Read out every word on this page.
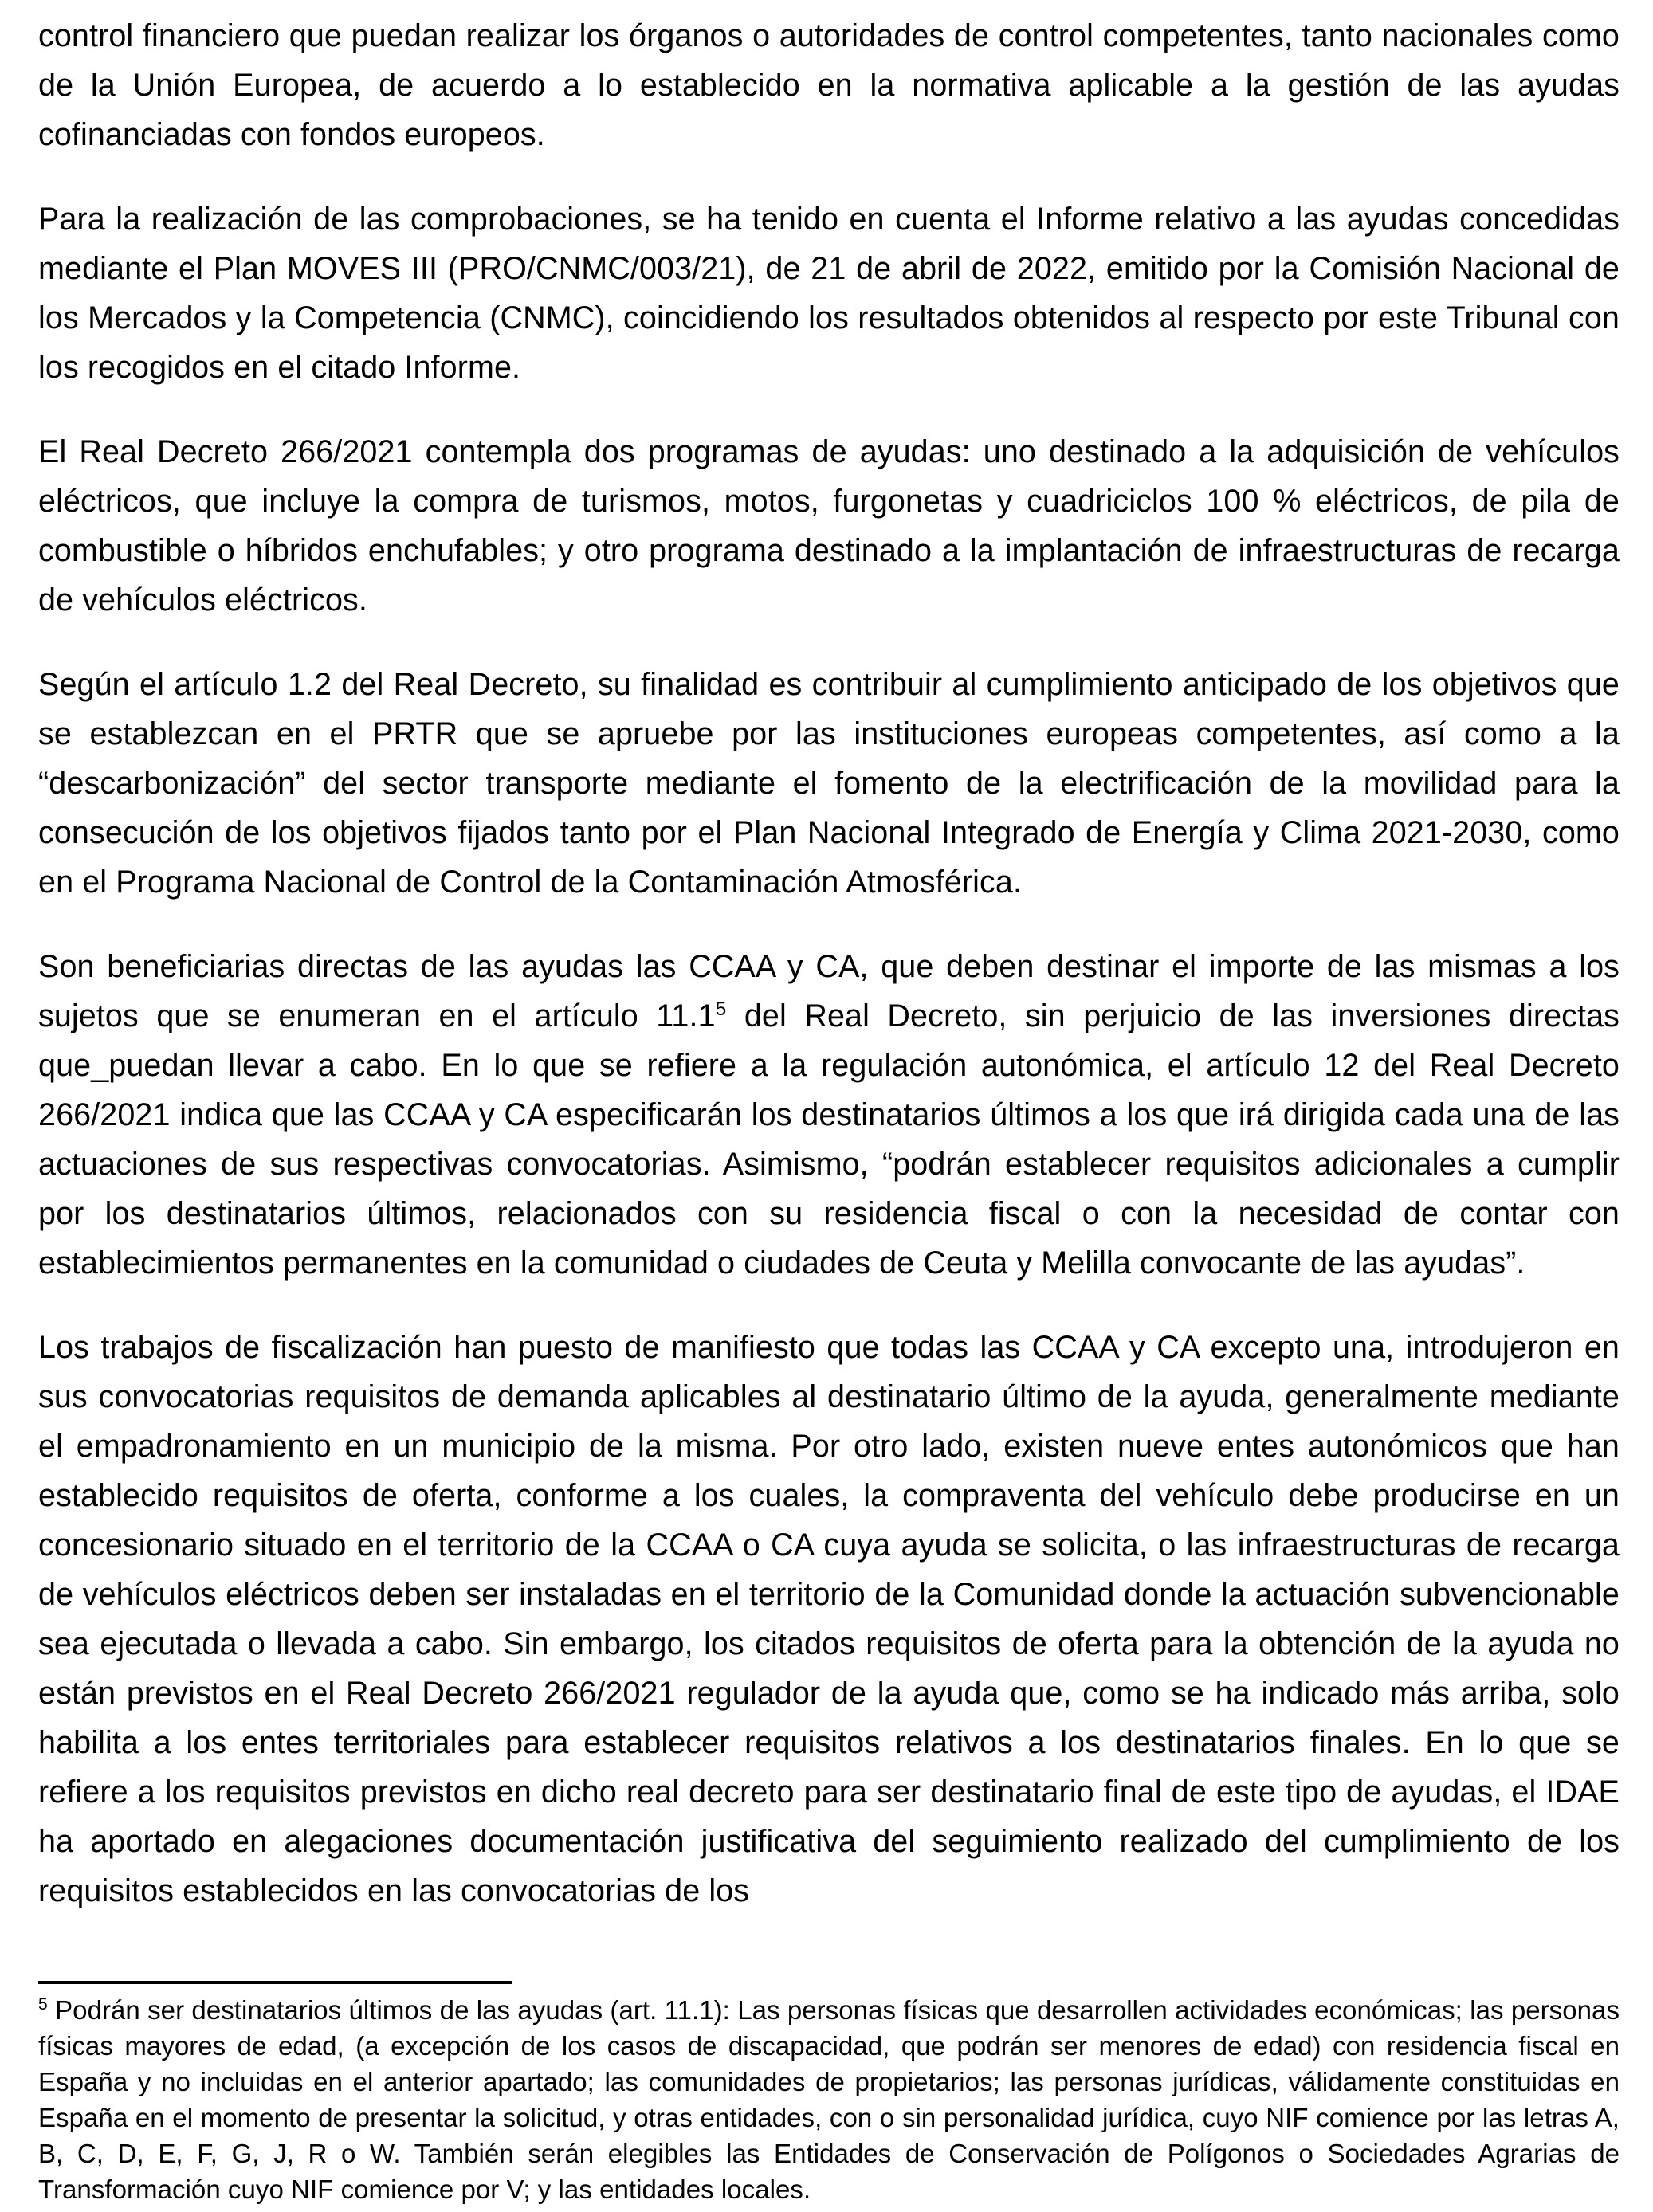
control financiero que puedan realizar los órganos o autoridades de control competentes, tanto nacionales como de la Unión Europea, de acuerdo a lo establecido en la normativa aplicable a la gestión de las ayudas cofinanciadas con fondos europeos.

Para la realización de las comprobaciones, se ha tenido en cuenta el Informe relativo a las ayudas concedidas mediante el Plan MOVES III (PRO/CNMC/003/21), de 21 de abril de 2022, emitido por la Comisión Nacional de los Mercados y la Competencia (CNMC), coincidiendo los resultados obtenidos al respecto por este Tribunal con los recogidos en el citado Informe.

El Real Decreto 266/2021 contempla dos programas de ayudas: uno destinado a la adquisición de vehículos eléctricos, que incluye la compra de turismos, motos, furgonetas y cuadriciclos 100 % eléctricos, de pila de combustible o híbridos enchufables; y otro programa destinado a la implantación de infraestructuras de recarga de vehículos eléctricos.

Según el artículo 1.2 del Real Decreto, su finalidad es contribuir al cumplimiento anticipado de los objetivos que se establezcan en el PRTR que se apruebe por las instituciones europeas competentes, así como a la “descarbonización” del sector transporte mediante el fomento de la electrificación de la movilidad para la consecución de los objetivos fijados tanto por el Plan Nacional Integrado de Energía y Clima 2021-2030, como en el Programa Nacional de Control de la Contaminación Atmosférica.

Son beneficiarias directas de las ayudas las CCAA y CA, que deben destinar el importe de las mismas a los sujetos que se enumeran en el artículo 11.1$^5$ del Real Decreto, sin perjuicio de las inversiones directas que_puedan llevar a cabo. En lo que se refiere a la regulación autonómica, el artículo 12 del Real Decreto 266/2021 indica que las CCAA y CA especificarán los destinatarios últimos a los que irá dirigida cada una de las actuaciones de sus respectivas convocatorias. Asimismo, “podrán establecer requisitos adicionales a cumplir por los destinatarios últimos, relacionados con su residencia fiscal o con la necesidad de contar con establecimientos permanentes en la comunidad o ciudades de Ceuta y Melilla convocante de las ayudas”.

Los trabajos de fiscalización han puesto de manifiesto que todas las CCAA y CA excepto una, introdujeron en sus convocatorias requisitos de demanda aplicables al destinatario último de la ayuda, generalmente mediante el empadronamiento en un municipio de la misma. Por otro lado, existen nueve entes autonómicos que han establecido requisitos de oferta, conforme a los cuales, la compraventa del vehículo debe producirse en un concesionario situado en el territorio de la CCAA o CA cuya ayuda se solicita, o las infraestructuras de recarga de vehículos eléctricos deben ser instaladas en el territorio de la Comunidad donde la actuación subvencionable sea ejecutada o llevada a cabo. Sin embargo, los citados requisitos de oferta para la obtención de la ayuda no están previstos en el Real Decreto 266/2021 regulador de la ayuda que, como se ha indicado más arriba, solo habilita a los entes territoriales para establecer requisitos relativos a los destinatarios finales. En lo que se refiere a los requisitos previstos en dicho real decreto para ser destinatario final de este tipo de ayudas, el IDAE ha aportado en alegaciones documentación justificativa del seguimiento realizado del cumplimiento de los requisitos establecidos en las convocatorias de los

$^5$ Podrán ser destinatarios últimos de las ayudas (art. 11.1): Las personas físicas que desarrollen actividades económicas; las personas físicas mayores de edad, (a excepción de los casos de discapacidad, que podrán ser menores de edad) con residencia fiscal en España y no incluidas en el anterior apartado; las comunidades de propietarios; las personas jurídicas, válidamente constituidas en España en el momento de presentar la solicitud, y otras entidades, con o sin personalidad jurídica, cuyo NIF comience por las letras A, B, C, D, E, F, G, J, R o W. También serán elegibles las Entidades de Conservación de Polígonos o Sociedades Agrarias de Transformación cuyo NIF comience por V; y las entidades locales.
